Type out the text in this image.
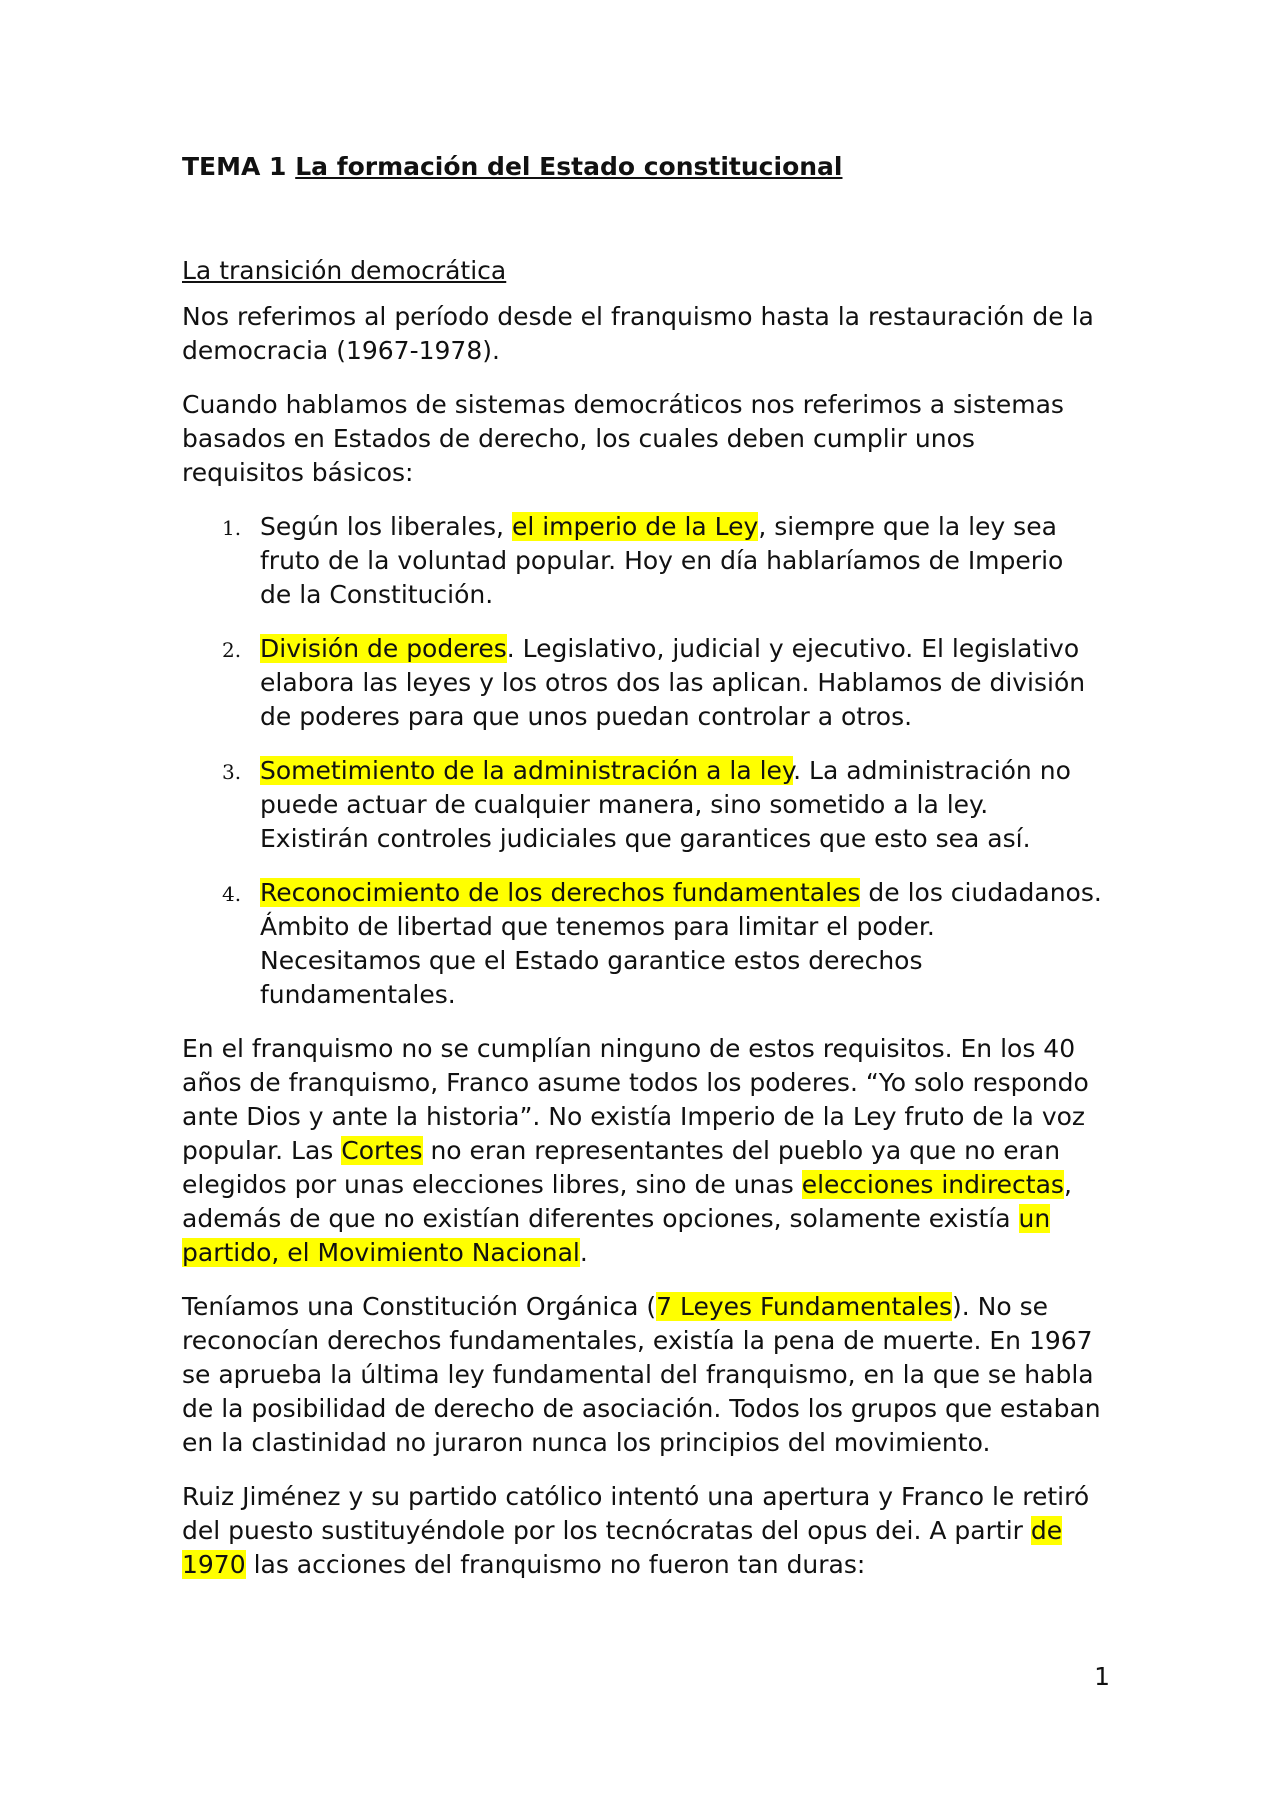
TEMA 1 La formación del Estado constitucional
La transición democrática

Nos referimos al período desde el franquismo hasta la restauración de la democracia (1967-1978).

Cuando hablamos de sistemas democráticos nos referimos a sistemas basados en Estados de derecho, los cuales deben cumplir unos requisitos básicos:

1. Según los liberales, el imperio de la Ley, siempre que la ley sea fruto de la voluntad popular. Hoy en día hablaríamos de Imperio de la Constitución.
2. División de poderes. Legislativo, judicial y ejecutivo. El legislativo elabora las leyes y los otros dos las aplican. Hablamos de división de poderes para que unos puedan controlar a otros.
3. Sometimiento de la administración a la ley. La administración no puede actuar de cualquier manera, sino sometido a la ley. Existirán controles judiciales que garantices que esto sea así.
4. Reconocimiento de los derechos fundamentales de los ciudadanos. Ámbito de libertad que tenemos para limitar el poder. Necesitamos que el Estado garantice estos derechos fundamentales.

En el franquismo no se cumplían ninguno de estos requisitos. En los 40 años de franquismo, Franco asume todos los poderes. “Yo solo respondo ante Dios y ante la historia”. No existía Imperio de la Ley fruto de la voz popular. Las Cortes no eran representantes del pueblo ya que no eran elegidos por unas elecciones libres, sino de unas elecciones indirectas, además de que no existían diferentes opciones, solamente existía un partido, el Movimiento Nacional.

Teníamos una Constitución Orgánica (7 Leyes Fundamentales). No se reconocían derechos fundamentales, existía la pena de muerte. En 1967 se aprueba la última ley fundamental del franquismo, en la que se habla de la posibilidad de derecho de asociación. Todos los grupos que estaban en la clastinidad no juraron nunca los principios del movimiento.

Ruiz Jiménez y su partido católico intentó una apertura y Franco le retiró del puesto sustituyéndole por los tecnócratas del opus dei. A partir de 1970 las acciones del franquismo no fueron tan duras:

1
